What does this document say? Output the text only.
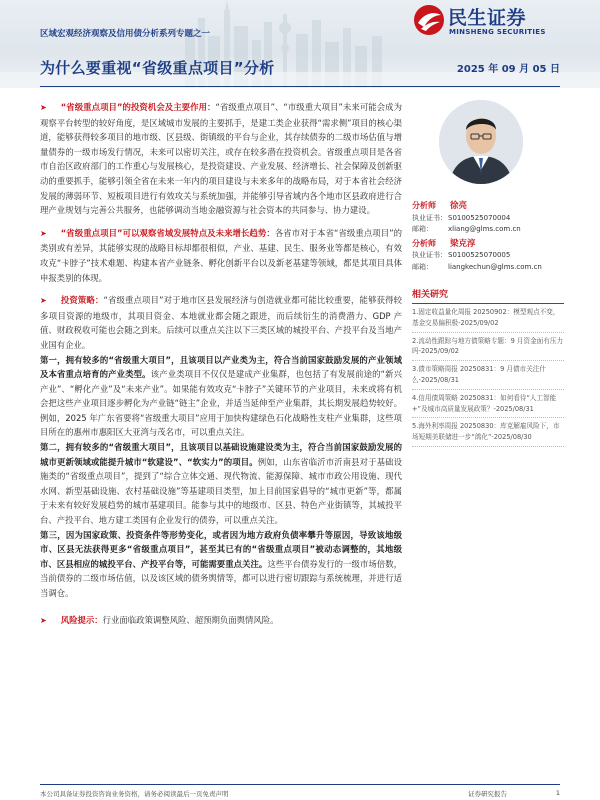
区域宏观经济观察及信用债分析系列专题之一
为什么要重视“省级重点项目”分析	2025 年 09 月 05 日
民生证券
MINSHENG SECURITIES

➤ “省级重点项目”的投资机会及主要作用：“省级重点项目”、“市级重大项目”未来可能会成为观察平台转型的较好角度，是区域城市发展的主要抓手，是建工类企业获得“需求侧”项目的核心渠道，能够获得较多项目的地市级、区县级、街镇级的平台与企业，其存续债券的二级市场估值与增量债券的一级市场发行情况，未来可以密切关注，或存在较多潜在投资机会。省级重点项目是各省市自治区政府部门的工作重心与发展核心，是投资建设、产业发展、经济增长、社会保障及创新驱动的重要抓手，能够引领全省在未来一年内的项目建设与未来多年的战略布局，对于本省社会经济发展的薄弱环节、短板项目进行有效攻关与系统加强，并能够引导省域内各个地市区县政府进行合理产业规划与完善公共服务，也能够调动当地金融资源与社会资本的共同参与、协力建设。

➤ “省级重点项目”可以观察省域发展特点及未来增长趋势：各省市对于本省“省级重点项目”的类别或有差异，其能够实现的战略目标却都很相似，产业、基建、民生、服务业等都是核心，有效攻克“卡脖子”技术难题、构建本省产业链条、孵化创新平台以及新老基建等领域，都是其项目具体申报类别的体现。

➤ 投资策略：“省级重点项目”对于地市区县发展经济与创造就业都可能比较重要，能够获得较多项目资源的地级市，其项目资金、本地就业都会随之跟进，而后续衍生的消费潜力、GDP 产值、财政税收可能也会随之到来。后续可以重点关注以下三类区域的城投平台、产投平台及当地产业国有企业。

第一，拥有较多的“省级重大项目”，且该项目以产业类为主，符合当前国家鼓励发展的产业领域及本省重点培育的产业类型。该产业类项目不仅仅是建成产业集群，也包括了有发展前途的“新兴产业”、“孵化产业”及“未来产业”。如果能有效攻克“卡脖子”关键环节的产业项目，未来或将有机会把这些产业项目逐步孵化为产业链“链主”企业，并适当延伸至产业集群，其长期发展趋势较好。例如，2025 年广东省要将“省级重大项目”应用于加快构建绿色石化战略性支柱产业集群，这些项目所在的惠州市惠阳区大亚湾与茂名市，可以重点关注。

第二，拥有较多的“省级重大项目”，且该项目以基础设施建设类为主，符合当前国家鼓励发展的城市更新领域或能提升城市“软建设”、“软实力”的项目。例如，山东省临沂市沂南县对于基础设施类的“省级重点项目”，提到了“综合立体交通、现代物流、能源保障、城市市政公用设施、现代水网、新型基础设施、农村基础设施”等基建项目类型，加上目前国家倡导的“城市更新”等，都属于未来有较好发展趋势的城市基建项目。能参与其中的地级市、区县、特色产业街镇等，其城投平台、产投平台、地方建工类国有企业发行的债券，可以重点关注。

第三，因为国家政策、投资条件等形势变化，或者因为地方政府负债率攀升等原因，导致该地级市、区县无法获得更多“省级重点项目”，甚至其已有的“省级重点项目”被动态调整的，其地级市、区县相应的城投平台、产投平台等，可能需要重点关注。这些平台债券发行的一级市场倍数，当前债券的二级市场估值，以及该区域的债务舆情等，都可以进行密切跟踪与系统梳理，并进行适当调仓。

➤ 风险提示：行业面临政策调整风险、超预期负面舆情风险。

分析师	徐亮
执业证书： S0100525070004
邮箱：	xliang@glms.com.cn
分析师	梁克淳
执业证书： S0100525070005
邮箱：	liangkechun@glms.com.cn
相关研究
1.固定收益量化周报 20250902：模型观点不变，基金交易偏积极-2025/09/02
2.流动性跟踪与地方债策略专题：9 月资金面有压力吗-2025/09/02
3.债市策略周报 20250831：9 月债市关注什么-2025/08/31
4.信用债周策略 20250831：如何看待“人工智能+”及城市高质量发展政策？-2025/08/31
5.海外利率周报 20250830：库克解雇风险下，市场短期美联储进一步“鸽化”-2025/08/30
本公司具备证券投资咨询业务资格，请务必阅读最后一页免责声明	证券研究报告	1
